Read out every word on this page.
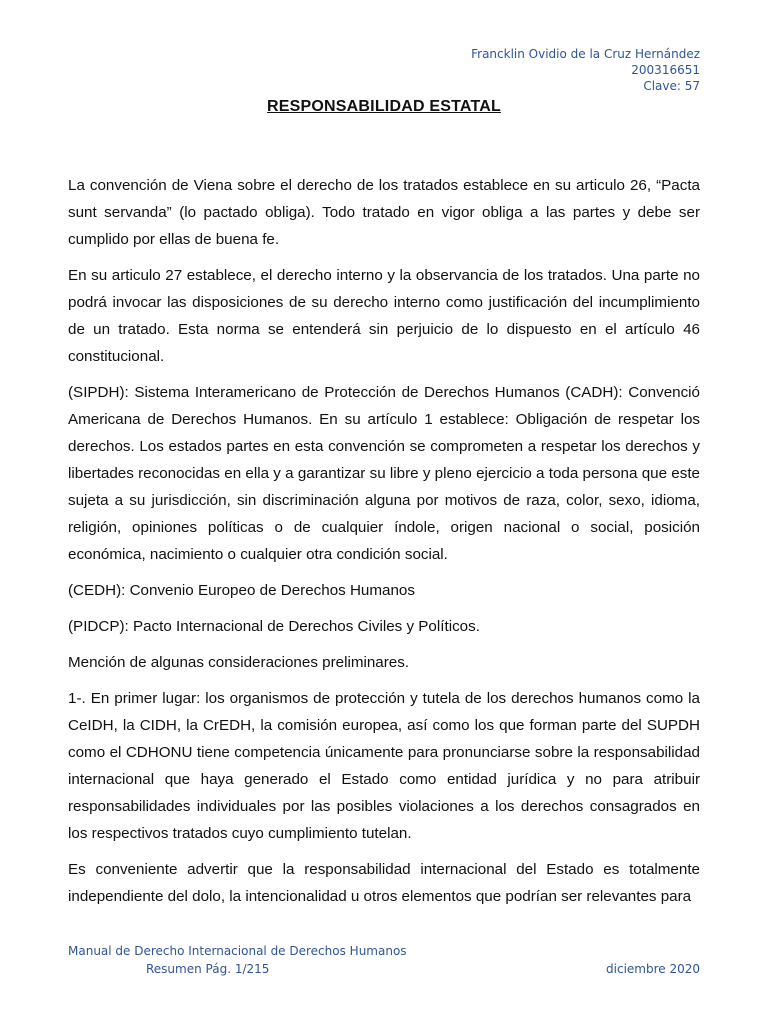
Francklin Ovidio de la Cruz Hernández
200316651
Clave: 57
RESPONSABILIDAD ESTATAL

La convención de Viena sobre el derecho de los tratados establece en su articulo 26, “Pacta sunt servanda” (lo pactado obliga). Todo tratado en vigor obliga a las partes y debe ser cumplido por ellas de buena fe.

En su articulo 27 establece, el derecho interno y la observancia de los tratados. Una parte no podrá invocar las disposiciones de su derecho interno como justificación del incumplimiento de un tratado. Esta norma se entenderá sin perjuicio de lo dispuesto en el artículo 46 constitucional.

(SIPDH): Sistema Interamericano de Protección de Derechos Humanos (CADH): Convenció Americana de Derechos Humanos. En su artículo 1 establece: Obligación de respetar los derechos. Los estados partes en esta convención se comprometen a respetar los derechos y libertades reconocidas en ella y a garantizar su libre y pleno ejercicio a toda persona que este sujeta a su jurisdicción, sin discriminación alguna por motivos de raza, color, sexo, idioma, religión, opiniones políticas o de cualquier índole, origen nacional o social, posición económica, nacimiento o cualquier otra condición social.

(CEDH): Convenio Europeo de Derechos Humanos

(PIDCP): Pacto Internacional de Derechos Civiles y Políticos.

Mención de algunas consideraciones preliminares.

1-. En primer lugar: los organismos de protección y tutela de los derechos humanos como la CeIDH, la CIDH, la CrEDH, la comisión europea, así como los que forman parte del SUPDH como el CDHONU tiene competencia únicamente para pronunciarse sobre la responsabilidad internacional que haya generado el Estado como entidad jurídica y no para atribuir responsabilidades individuales por las posibles violaciones a los derechos consagrados en los respectivos tratados cuyo cumplimiento tutelan.

Es conveniente advertir que la responsabilidad internacional del Estado es totalmente independiente del dolo, la intencionalidad u otros elementos que podrían ser relevantes para

Manual de Derecho Internacional de Derechos Humanos
Resumen Pág. 1/215	diciembre 2020
